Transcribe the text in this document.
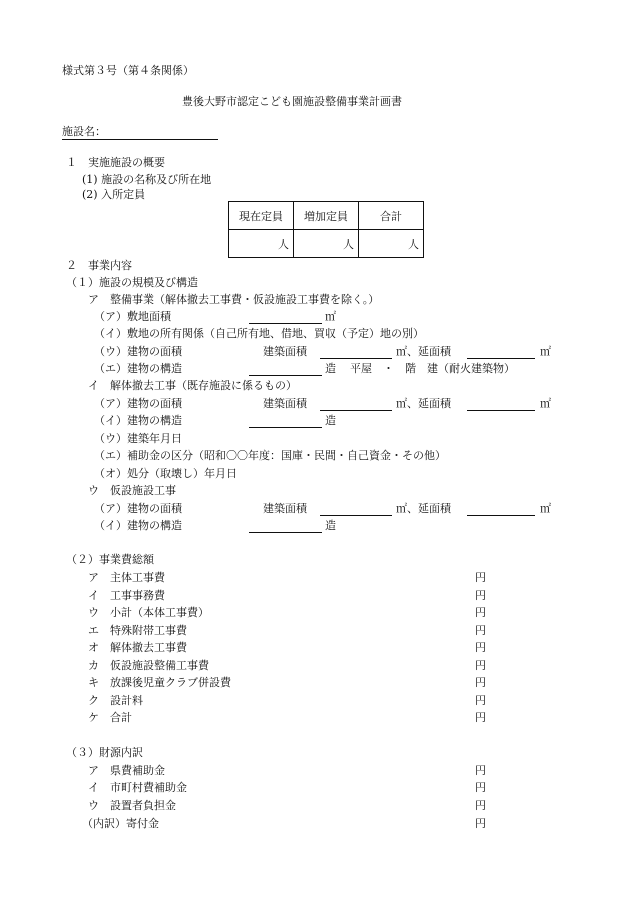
様式第３号（第４条関係）
豊後大野市認定こども園施設整備事業計画書
施設名：
１　実施施設の概要
(1) 施設の名称及び所在地
(2) 入所定員
現在定員	増加定員	合計
人	人	人
２　事業内容
（１）施設の規模及び構造
ア　整備事業（解体撤去工事費・仮設施設工事費を除く。）
（ア）敷地面積	㎡
（イ）敷地の所有関係（自己所有地、借地、買収（予定）地の別）
（ウ）建物の面積	建築面積	㎡、延面積	㎡
（エ）建物の構造	造 平屋　・　階　建（耐火建築物）
イ　解体撤去工事（既存施設に係るもの）
（ア）建物の面積	建築面積	㎡、延面積	㎡
（イ）建物の構造	造
（ウ）建築年月日
（エ）補助金の区分（昭和〇〇年度：国庫・民間・自己資金・その他）
（オ）処分（取壊し）年月日
ウ　仮設施設工事
（ア）建物の面積	建築面積	㎡、延面積	㎡
（イ）建物の構造	造
（２）事業費総額
ア　主体工事費	円
イ　工事事務費	円
ウ　小計（本体工事費）	円
エ　特殊附帯工事費	円
オ　解体撤去工事費	円
カ　仮設施設整備工事費	円
キ　放課後児童クラブ併設費	円
ク　設計料	円
ケ　合計	円
（３）財源内訳
ア　県費補助金	円
イ　市町村費補助金	円
ウ　設置者負担金	円
（内訳）寄付金	円
